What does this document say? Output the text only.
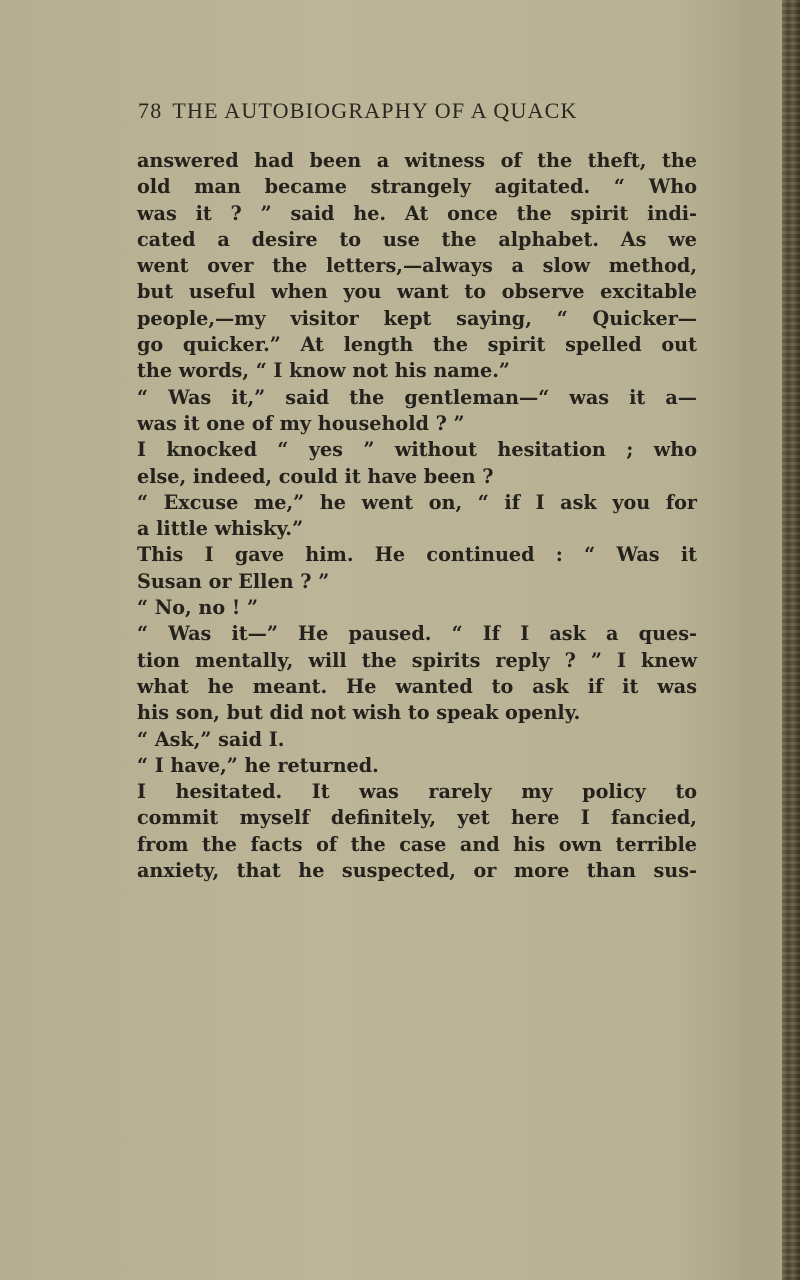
78 THE AUTOBIOGRAPHY OF A QUACK
answered had been a witness of the theft, the
old man became strangely agitated. “ Who
was it ? ” said he. At once the spirit indi-
cated a desire to use the alphabet. As we
went over the letters,—always a slow method,
but useful when you want to observe excitable
people,—my visitor kept saying, “ Quicker—
go quicker.” At length the spirit spelled out
the words, “ I know not his name.”
“ Was it,” said the gentleman—“ was it a—
was it one of my household ? ”
I knocked “ yes ” without hesitation ; who
else, indeed, could it have been ?
“ Excuse me,” he went on, “ if I ask you for
a little whisky.”
This I gave him. He continued : “ Was it
Susan or Ellen ? ”
“ No, no ! ”
“ Was it—” He paused. “ If I ask a ques-
tion mentally, will the spirits reply ? ” I knew
what he meant. He wanted to ask if it was
his son, but did not wish to speak openly.
“ Ask,” said I.
“ I have,” he returned.
I hesitated. It was rarely my policy to
commit myself definitely, yet here I fancied,
from the facts of the case and his own terrible
anxiety, that he suspected, or more than sus-
